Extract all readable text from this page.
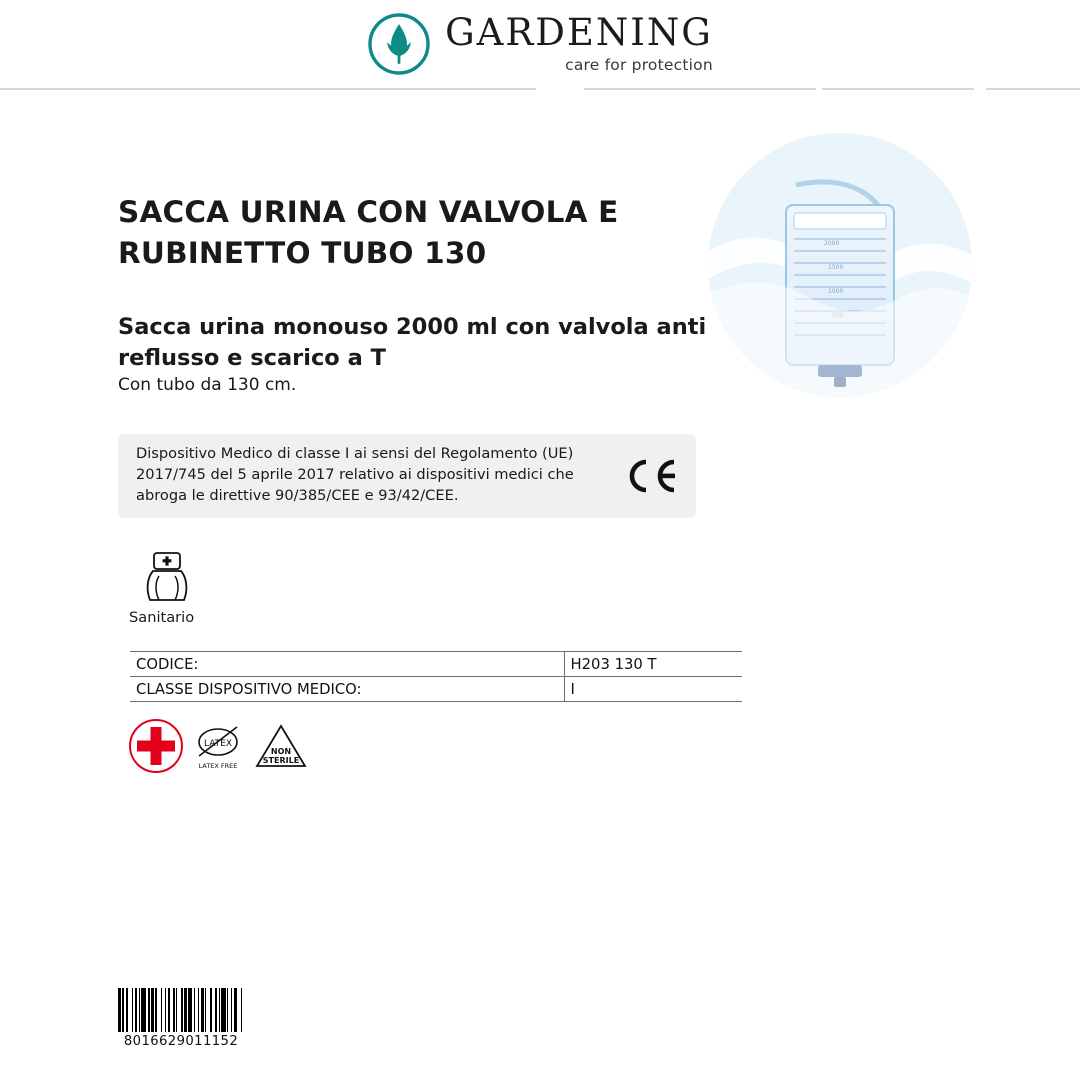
GARDENING
care for protection
SACCA URINA CON VALVOLA E RUBINETTO TUBO 130
Sacca urina monouso 2000 ml con valvola anti reflusso e scarico a T
Con tubo da 130 cm.
2000
1500
1000
Dispositivo Medico di classe I ai sensi del Regolamento (UE) 2017/745 del 5 aprile 2017 relativo ai dispositivi medici che abroga le direttive 90/385/CEE e 93/42/CEE.
Sanitario
CODICE:	H203 130 T
CLASSE DISPOSITIVO MEDICO:	I
LATEX
LATEX FREE
NON
STERILE
8016629011152
